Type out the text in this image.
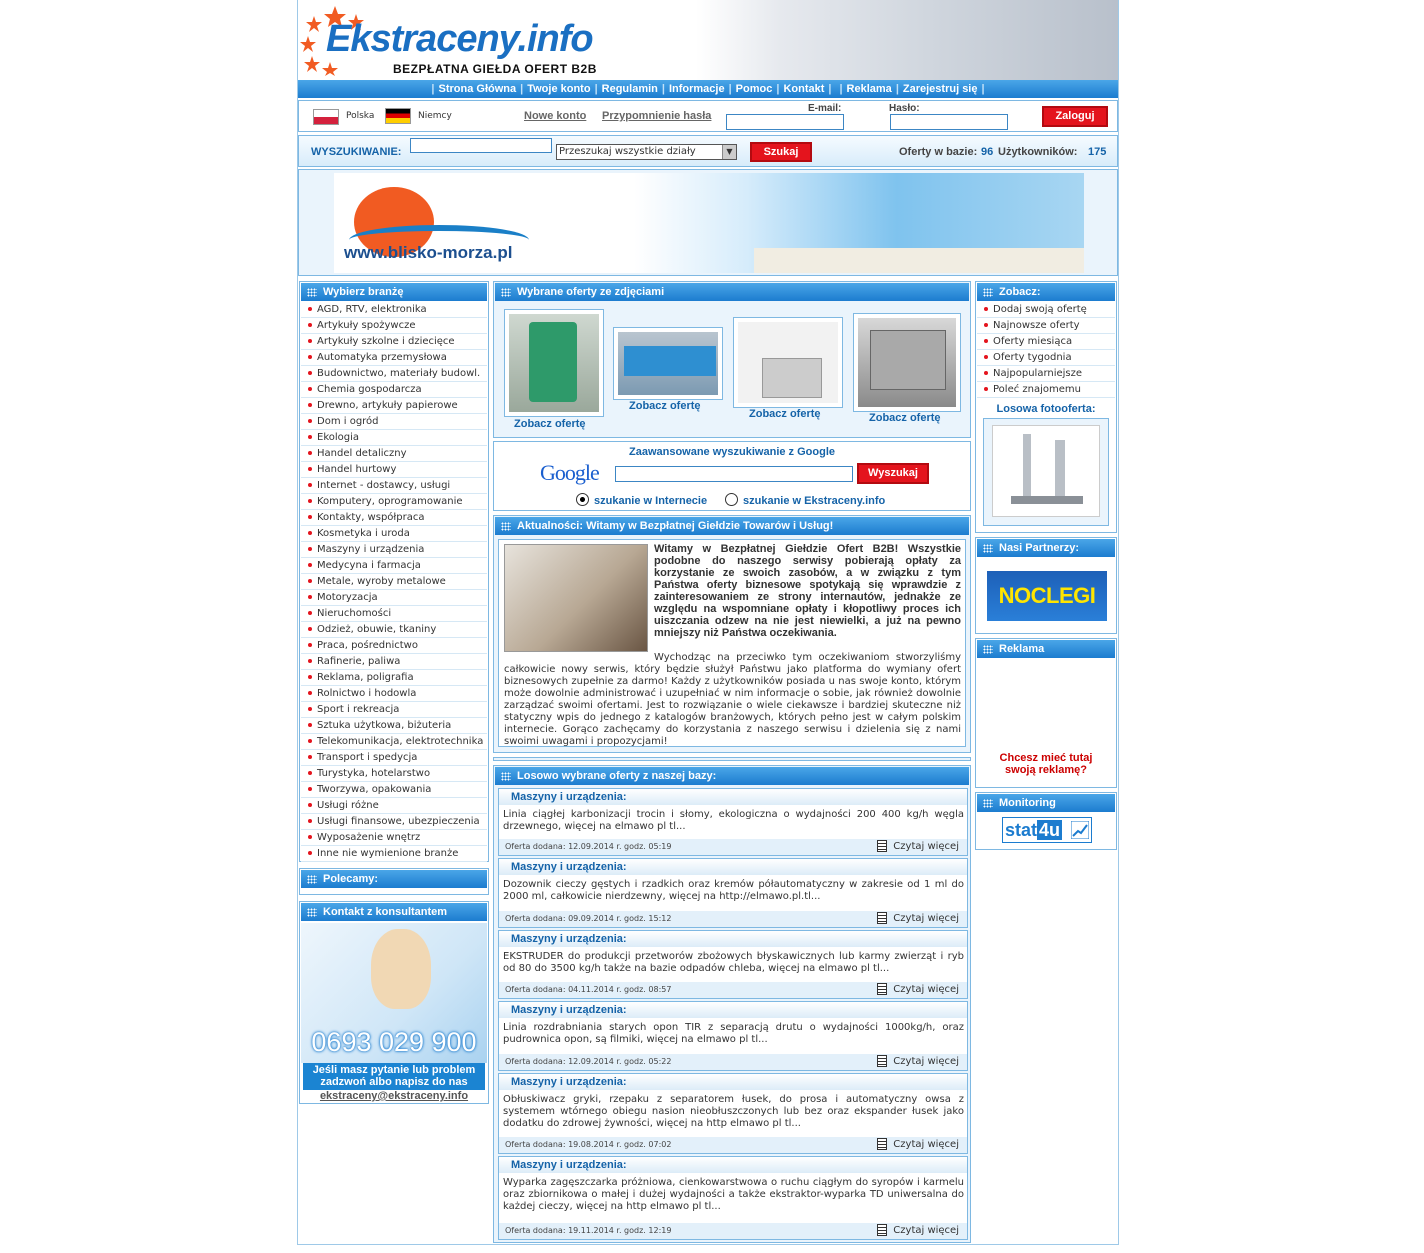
Ekstraceny.info
BEZPŁATNA GIEŁDA OFERT B2B
| Strona Główna | Twoje konto | Regulamin | Informacje | Pomoc | Kontakt | | Reklama | Zarejestruj się |
Polska	Niemcy	Nowe konto Przypomnienie hasła
E-mail:	Hasło:
Zaloguj
WYSZUKIWANIE:	Przeszukaj wszystkie działy	▼	Szukaj	Oferty w bazie: 96 Użytkowników: 175
www.blisko-morza.pl
Wybierz branżę
AGD, RTV, elektronika
Artykuły spożywcze
Artykuły szkolne i dziecięce
Automatyka przemysłowa
Budownictwo, materiały budowl.
Chemia gospodarcza
Drewno, artykuły papierowe
Dom i ogród
Ekologia
Handel detaliczny
Handel hurtowy
Internet - dostawcy, usługi
Komputery, oprogramowanie
Kontakty, współpraca
Kosmetyka i uroda
Maszyny i urządzenia
Medycyna i farmacja
Metale, wyroby metalowe
Motoryzacja
Nieruchomości
Odzież, obuwie, tkaniny
Praca, pośrednictwo
Rafinerie, paliwa
Reklama, poligrafia
Rolnictwo i hodowla
Sport i rekreacja
Sztuka użytkowa, biżuteria
Telekomunikacja, elektrotechnika
Transport i spedycja
Turystyka, hotelarstwo
Tworzywa, opakowania
Usługi różne
Usługi finansowe, ubezpieczenia
Wyposażenie wnętrz
Inne nie wymienione branże
Polecamy:
Kontakt z konsultantem
0693 029 900
Jeśli masz pytanie lub problem zadzwoń albo napisz do nas
ekstraceny@ekstraceny.info
Wybrane oferty ze zdjęciami
Zobacz ofertę
Zobacz ofertę
Zobacz ofertę	Zobacz ofertę
Zaawansowane wyszukiwanie z Google
Google	Wyszukaj
szukanie w Internecie	szukanie w Ekstraceny.info
Aktualności: Witamy w Bezpłatnej Giełdzie Towarów i Usług!
Witamy w Bezpłatnej Giełdzie Ofert B2B! Wszystkie podobne do naszego serwisy pobierają opłaty za korzystanie ze swoich zasobów, a w związku z tym Państwa oferty biznesowe spotykają się wprawdzie z zainteresowaniem ze strony internautów, jednakże ze względu na wspomniane opłaty i kłopotliwy proces ich uiszczania odzew na nie jest niewielki, a już na pewno mniejszy niż Państwa oczekiwania.
Wychodząc na przeciwko tym oczekiwaniom stworzyliśmy całkowicie nowy serwis, który będzie służył Państwu jako platforma do wymiany ofert biznesowych zupełnie za darmo! Każdy z użytkowników posiada u nas swoje konto, którym może dowolnie administrować i uzupełniać w nim informacje o sobie, jak również dowolnie zarządzać swoimi ofertami. Jest to rozwiązanie o wiele ciekawsze i bardziej skuteczne niż statyczny wpis do jednego z katalogów branżowych, których pełno jest w całym polskim internecie. Gorąco zachęcamy do korzystania z naszego serwisu i dzielenia się z nami swoimi uwagami i propozycjami!
Losowo wybrane oferty z naszej bazy:
Maszyny i urządzenia:
Linia ciągłej karbonizacji trocin i słomy, ekologiczna o wydajności 200 400 kg/h węgla drzewnego, więcej na elmawo pl tl...
Oferta dodana: 12.09.2014 r. godz. 05:19	Czytaj więcej
Maszyny i urządzenia:
Dozownik cieczy gęstych i rzadkich oraz kremów półautomatyczny w zakresie od 1 ml do 2000 ml, całkowicie nierdzewny, więcej na http://elmawo.pl.tl...
Oferta dodana: 09.09.2014 r. godz. 15:12	Czytaj więcej
Maszyny i urządzenia:
EKSTRUDER do produkcji przetworów zbożowych błyskawicznych lub karmy zwierząt i ryb od 80 do 3500 kg/h także na bazie odpadów chleba, więcej na elmawo pl tl...
Oferta dodana: 04.11.2014 r. godz. 08:57	Czytaj więcej
Maszyny i urządzenia:
Linia rozdrabniania starych opon TIR z separacją drutu o wydajności 1000kg/h, oraz pudrownica opon, są filmiki, więcej na elmawo pl tl...
Oferta dodana: 12.09.2014 r. godz. 05:22	Czytaj więcej
Maszyny i urządzenia:
Obłuskiwacz gryki, rzepaku z separatorem łusek, do prosa i automatyczny owsa z systemem wtórnego obiegu nasion nieobłuszczonych lub bez oraz ekspander łusek jako dodatku do zdrowej żywności, więcej na http elmawo pl tl...
Oferta dodana: 19.08.2014 r. godz. 07:02	Czytaj więcej
Maszyny i urządzenia:
Wyparka zagęszczarka próżniowa, cienkowarstwowa o ruchu ciągłym do syropów i karmelu oraz zbiornikowa o małej i dużej wydajności a także ekstraktor-wyparka TD uniwersalna do każdej cieczy, więcej na http elmawo pl tl...
Oferta dodana: 19.11.2014 r. godz. 12:19	Czytaj więcej
Zobacz:
Dodaj swoją ofertę
Najnowsze oferty
Oferty miesiąca
Oferty tygodnia
Najpopularniejsze
Poleć znajomemu
Losowa fotooferta:
Nasi Partnerzy:
NOCLEGI
Reklama
Chcesz mieć tutaj swoją reklamę?
Monitoring
stat 4u
